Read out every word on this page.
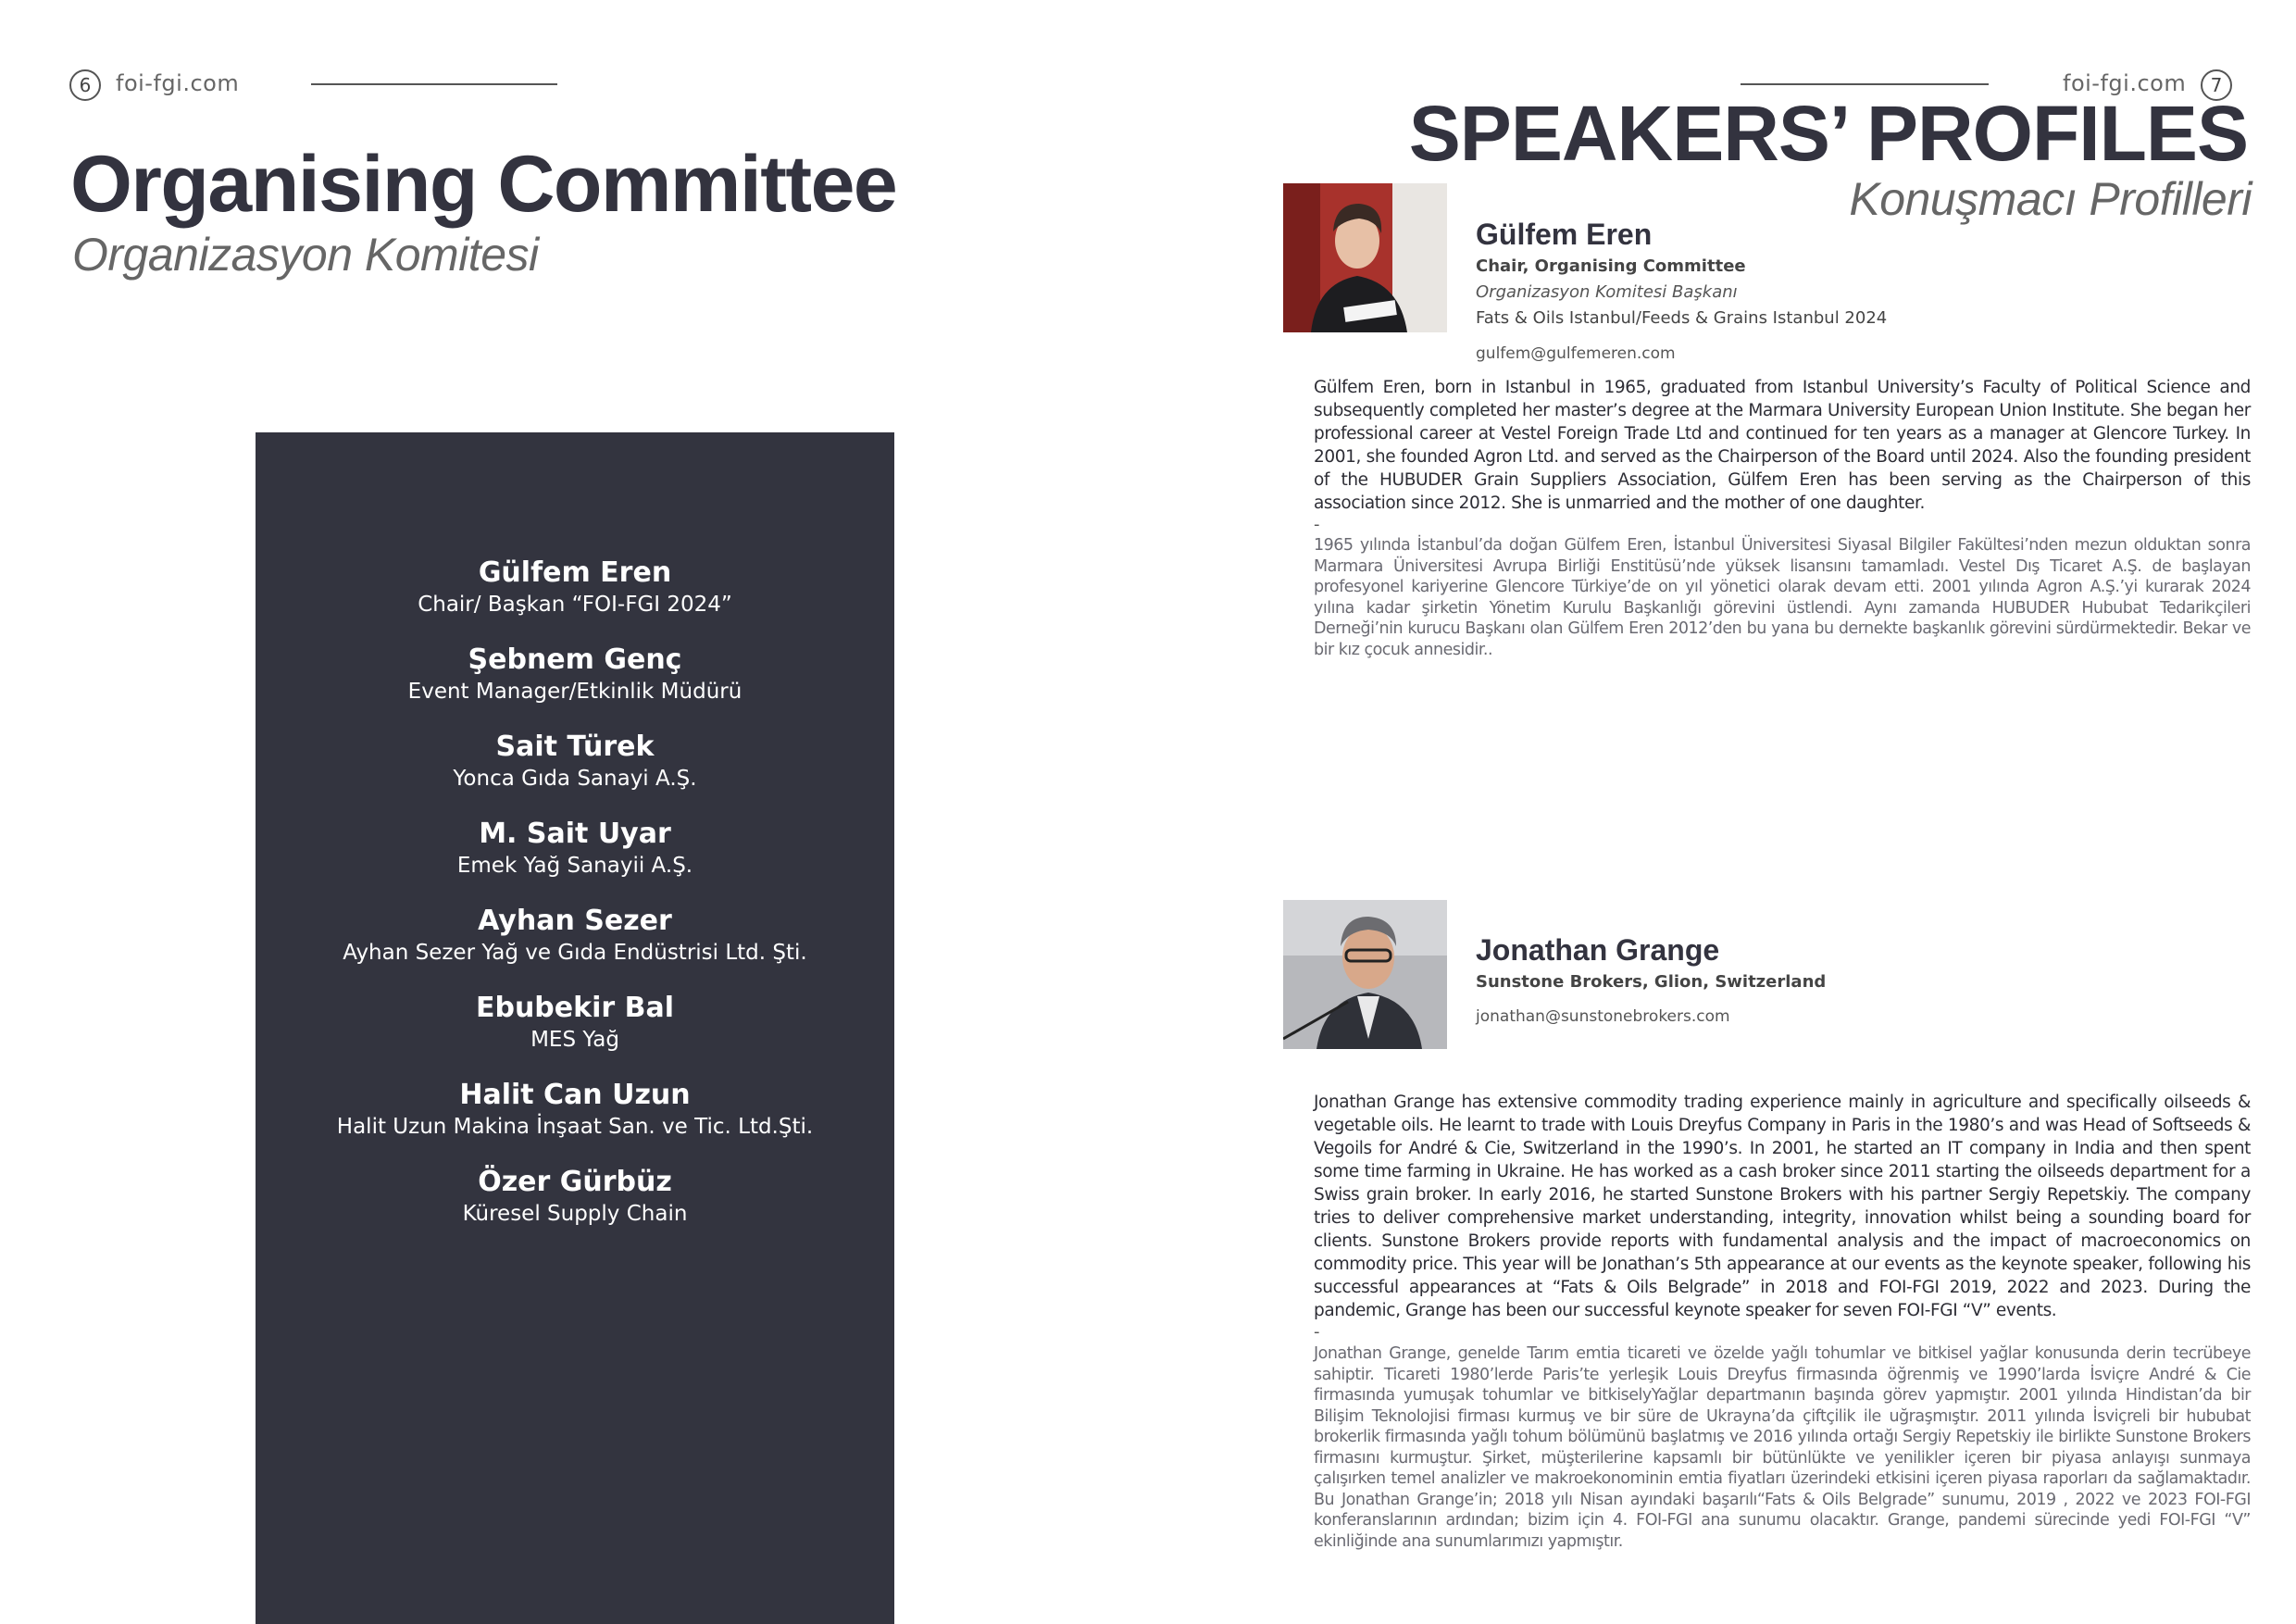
6	foi-fgi.com
Organising Committee
Organizasyon Komitesi
Gülfem Eren
Chair/ Başkan “FOI-FGI 2024”
Şebnem Genç
Event Manager/Etkinlik Müdürü
Sait Türek
Yonca Gıda Sanayi A.Ş.
M. Sait Uyar
Emek Yağ Sanayii A.Ş.
Ayhan Sezer
Ayhan Sezer Yağ ve Gıda Endüstrisi Ltd. Şti.
Ebubekir Bal
MES Yağ
Halit Can Uzun
Halit Uzun Makina İnşaat San. ve Tic. Ltd.Şti.
Özer Gürbüz
Küresel Supply Chain
foi-fgi.com	7
SPEAKERS’ PROFILES
Konuşmacı Profilleri
Gülfem Eren
Chair, Organising Committee
Organizasyon Komitesi Başkanı
Fats & Oils Istanbul/Feeds & Grains Istanbul 2024
gulfem@gulfemeren.com
Gülfem Eren, born in Istanbul in 1965, graduated from Istanbul University’s Faculty of Political Science and subsequently completed her master’s degree at the Marmara University European Union Institute. She began her professional career at Vestel Foreign Trade Ltd and continued for ten years as a manager at Glencore Turkey. In 2001, she founded Agron Ltd. and served as the Chairperson of the Board until 2024. Also the founding president of the HUBUDER Grain Suppliers Association, Gülfem Eren has been serving as the Chairperson of this association since 2012. She is unmarried and the mother of one daughter.
-
1965 yılında İstanbul’da doğan Gülfem Eren, İstanbul Üniversitesi Siyasal Bilgiler Fakültesi’nden mezun olduktan sonra Marmara Üniversitesi Avrupa Birliği Enstitüsü’nde yüksek lisansını tamamladı. Vestel Dış Ticaret A.Ş. de başlayan profesyonel kariyerine Glencore Türkiye’de on yıl yönetici olarak devam etti. 2001 yılında Agron A.Ş.’yi kurarak 2024 yılına kadar şirketin Yönetim Kurulu Başkanlığı görevini üstlendi. Aynı zamanda HUBUDER Hububat Tedarikçileri Derneği’nin kurucu Başkanı olan Gülfem Eren 2012’den bu yana bu dernekte başkanlık görevini sürdürmektedir. Bekar ve bir kız çocuk annesidir..
Jonathan Grange
Sunstone Brokers, Glion, Switzerland
jonathan@sunstonebrokers.com
Jonathan Grange has extensive commodity trading experience mainly in agriculture and specifically oilseeds & vegetable oils. He learnt to trade with Louis Dreyfus Company in Paris in the 1980’s and was Head of Softseeds & Vegoils for André & Cie, Switzerland in the 1990’s. In 2001, he started an IT company in India and then spent some time farming in Ukraine. He has worked as a cash broker since 2011 starting the oilseeds department for a Swiss grain broker. In early 2016, he started Sunstone Brokers with his partner Sergiy Repetskiy. The company tries to deliver comprehensive market understanding, integrity, innovation whilst being a sounding board for clients. Sunstone Brokers provide reports with fundamental analysis and the impact of macroeconomics on commodity price. This year will be Jonathan’s 5th appearance at our events as the keynote speaker, following his successful appearances at “Fats & Oils Belgrade” in 2018 and FOI-FGI 2019, 2022 and 2023. During the pandemic, Grange has been our successful keynote speaker for seven FOI-FGI “V” events.
-
Jonathan Grange, genelde Tarım emtia ticareti ve özelde yağlı tohumlar ve bitkisel yağlar konusunda derin tecrübeye sahiptir. Ticareti 1980’lerde Paris’te yerleşik Louis Dreyfus firmasında öğrenmiş ve 1990’larda İsviçre André & Cie firmasında yumuşak tohumlar ve bitkiselyYağlar departmanın başında görev yapmıştır. 2001 yılında Hindistan’da bir Bilişim Teknolojisi firması kurmuş ve bir süre de Ukrayna’da çiftçilik ile uğraşmıştır. 2011 yılında İsviçreli bir hububat brokerlik firmasında yağlı tohum bölümünü başlatmış ve 2016 yılında ortağı Sergiy Repetskiy ile birlikte Sunstone Brokers firmasını kurmuştur. Şirket, müşterilerine kapsamlı bir bütünlükte ve yenilikler içeren bir piyasa anlayışı sunmaya çalışırken temel analizler ve makroekonominin emtia fiyatları üzerindeki etkisini içeren piyasa raporları da sağlamaktadır. Bu Jonathan Grange’in; 2018 yılı Nisan ayındaki başarılı“Fats & Oils Belgrade” sunumu, 2019 , 2022 ve 2023 FOI-FGI konferanslarının ardından; bizim için 4. FOI-FGI ana sunumu olacaktır. Grange, pandemi sürecinde yedi FOI-FGI “V” ekinliğinde ana sunumlarımızı yapmıştır.
